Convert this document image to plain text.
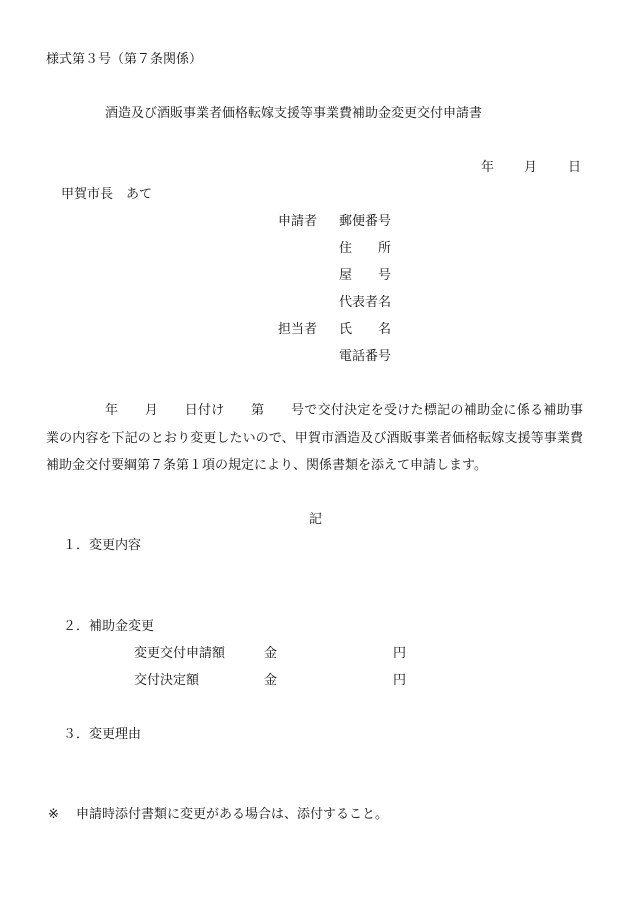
様式第３号（第７条関係）
酒造及び酒販事業者価格転嫁支援等事業費補助金変更交付申請書
年 月 日
甲賀市長　あて
申請者 郵便番号
住　　所
屋　　号
代表者名
担当者 氏　　名
電話番号
年　　月　　日付け　　第　　号で交付決定を受けた標記の補助金に係る補助事業の内容を下記のとおり変更したいので、甲賀市酒造及び酒販事業者価格転嫁支援等事業費補助金交付要綱第７条第１項の規定により、関係書類を添えて申請します。
記
１．変更内容
２．補助金変更
変更交付申請額	金	円
交付決定額	金	円
３．変更理由
※ 申請時添付書類に変更がある場合は、添付すること。
